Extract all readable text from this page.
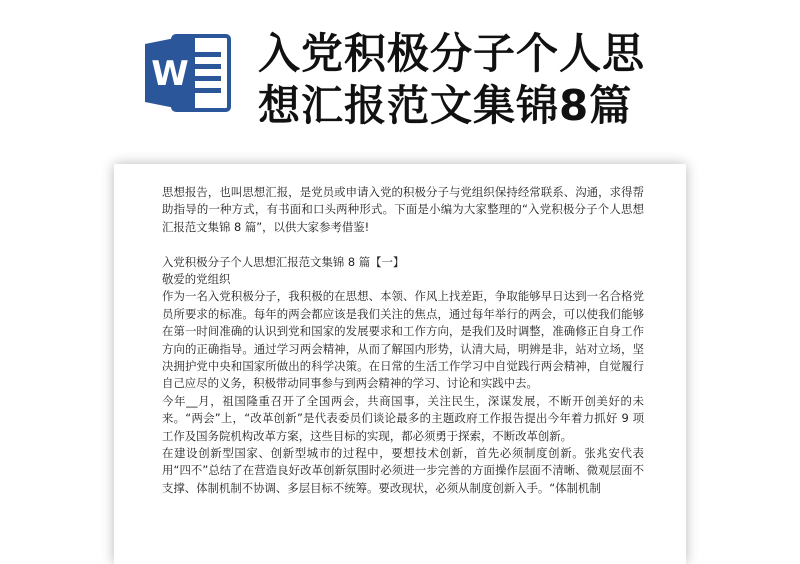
W 入党积极分子个人思
想汇报范文集锦8篇

思想报告，也叫思想汇报，是党员或申请入党的积极分子与党组织保持经常联系、沟通，求得帮助指导的一种方式，有书面和口头两种形式。下面是小编为大家整理的“入党积极分子个人思想汇报范文集锦 8 篇”，以供大家参考借鉴!

入党积极分子个人思想汇报范文集锦 8 篇【一】

敬爱的党组织

作为一名入党积极分子，我积极的在思想、本领、作风上找差距，争取能够早日达到一名合格党员所要求的标准。每年的两会都应该是我们关注的焦点，通过每年举行的两会，可以使我们能够在第一时间准确的认识到党和国家的发展要求和工作方向，是我们及时调整，准确修正自身工作方向的正确指导。通过学习两会精神，从而了解国内形势，认清大局，明辨是非，站对立场，坚决拥护党中央和国家所做出的科学决策。在日常的生活工作学习中自觉践行两会精神，自觉履行自己应尽的义务，积极带动同事参与到两会精神的学习、讨论和实践中去。

今年__月，祖国隆重召开了全国两会，共商国事，关注民生，深谋发展，不断开创美好的未来。“两会”上，“改革创新”是代表委员们谈论最多的主题政府工作报告提出今年着力抓好 9 项工作及国务院机构改革方案，这些目标的实现，都必须勇于探索，不断改革创新。

在建设创新型国家、创新型城市的过程中，要想技术创新，首先必须制度创新。张兆安代表用“四不”总结了在营造良好改革创新氛围时必须进一步完善的方面操作层面不清晰、微观层面不支撑、体制机制不协调、多层目标不统筹。要改现状，必须从制度创新入手。“体制机制
